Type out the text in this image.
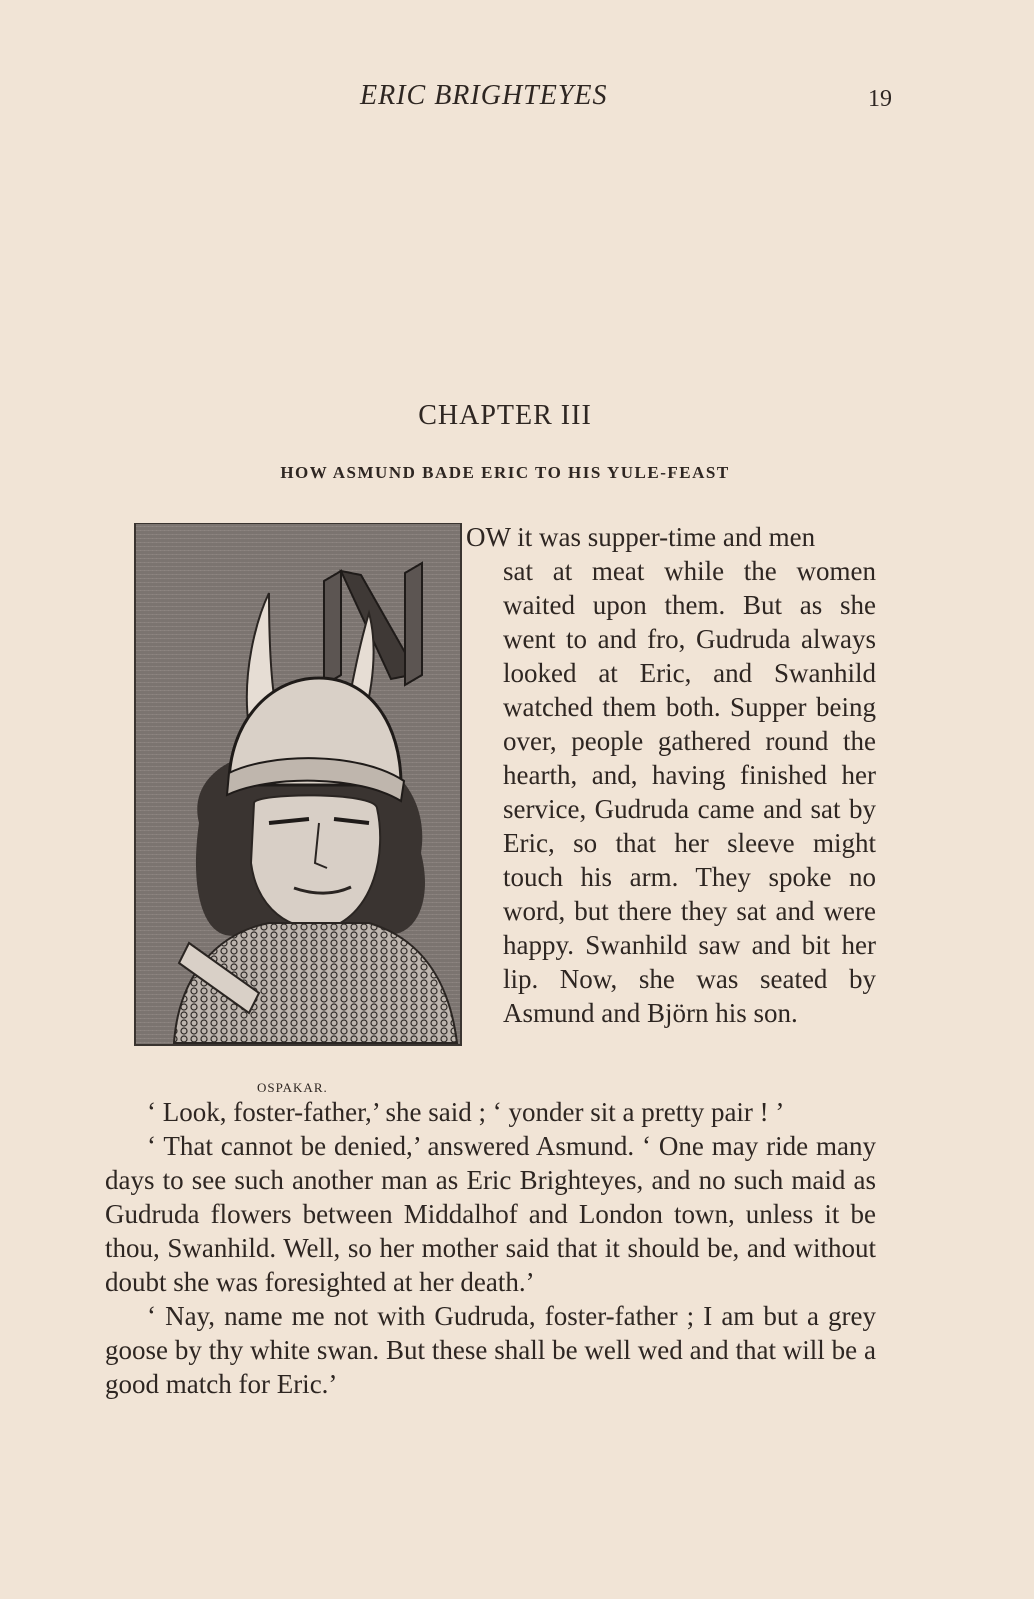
ERIC BRIGHTEYES	19
CHAPTER III
HOW ASMUND BADE ERIC TO HIS YULE-FEAST
OSPAKAR.

OW it was supper-time and men

sat at meat while the women waited upon them. But as she went to and fro, Gudruda always looked at Eric, and Swanhild watched them both. Supper being over, people gathered round the hearth, and, having finished her service, Gudruda came and sat by Eric, so that her sleeve might touch his arm. They spoke no word, but there they sat and were happy. Swanhild saw and bit her lip. Now, she was seated by Asmund and Björn his son.

‘ Look, foster-father,’ she said ; ‘ yonder sit a pretty pair ! ’

‘ That cannot be denied,’ answered Asmund. ‘ One may ride many days to see such another man as Eric Brighteyes, and no such maid as Gudruda flowers between Middalhof and London town, unless it be thou, Swanhild. Well, so her mother said that it should be, and without doubt she was foresighted at her death.’

‘ Nay, name me not with Gudruda, foster-father ; I am but a grey goose by thy white swan. But these shall be well wed and that will be a good match for Eric.’
